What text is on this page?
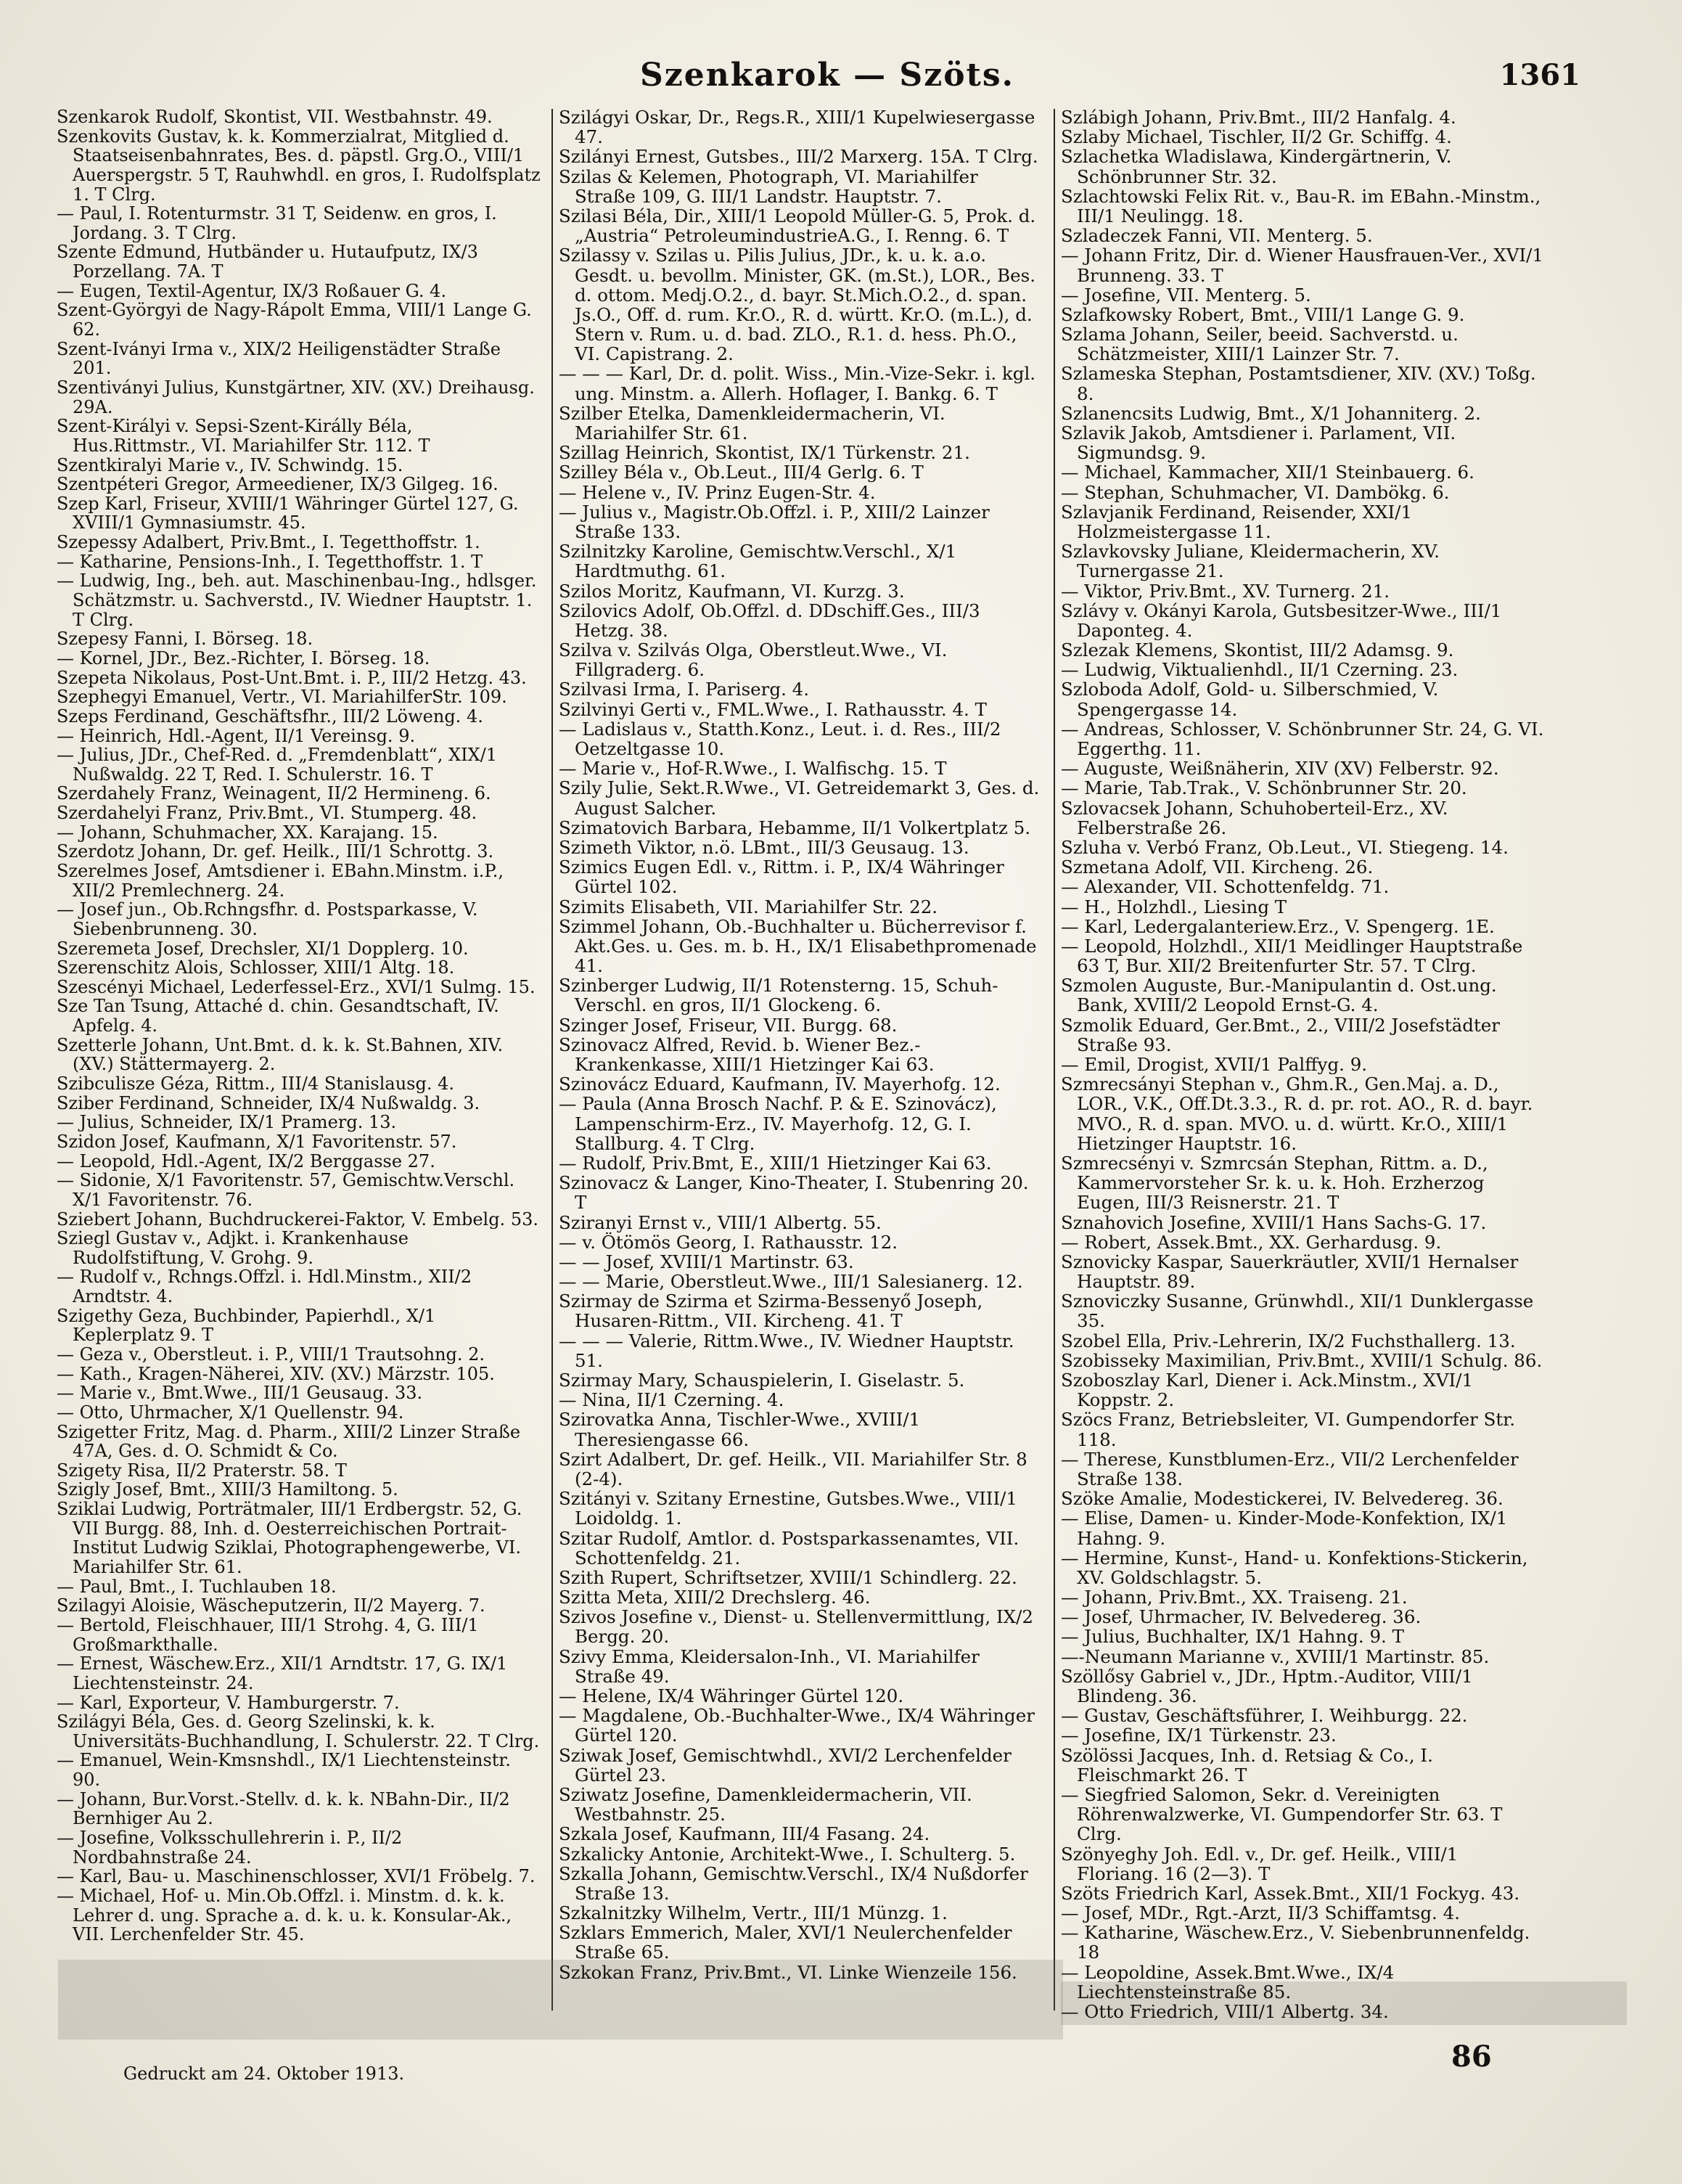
Szenkarok — Szöts.	1361

Szenkarok Rudolf, Skontist, VII. Westbahnstr. 49.

Szenkovits Gustav, k. k. Kommerzialrat, Mitglied d. Staatseisenbahnrates, Bes. d. päpstl. Grg.O., VIII/1 Auerspergstr. 5 T, Rauhwhdl. en gros, I. Rudolfsplatz 1. T Clrg.

— Paul, I. Rotenturmstr. 31 T, Seidenw. en gros, I. Jordang. 3. T Clrg.

Szente Edmund, Hutbänder u. Hutaufputz, IX/3 Porzellang. 7A. T

— Eugen, Textil-Agentur, IX/3 Roßauer G. 4.

Szent-Györgyi de Nagy-Rápolt Emma, VIII/1 Lange G. 62.

Szent-Iványi Irma v., XIX/2 Heiligenstädter Straße 201.

Szentiványi Julius, Kunstgärtner, XIV. (XV.) Dreihausg. 29A.

Szent-Királyi v. Sepsi-Szent-Királly Béla, Hus.Rittmstr., VI. Mariahilfer Str. 112. T

Szentkiralyi Marie v., IV. Schwindg. 15.

Szentpéteri Gregor, Armeediener, IX/3 Gilgeg. 16.

Szep Karl, Friseur, XVIII/1 Währinger Gürtel 127, G. XVIII/1 Gymnasiumstr. 45.

Szepessy Adalbert, Priv.Bmt., I. Tegetthoffstr. 1.

— Katharine, Pensions-Inh., I. Tegetthoffstr. 1. T

— Ludwig, Ing., beh. aut. Maschinenbau-Ing., hdlsger. Schätzmstr. u. Sachverstd., IV. Wiedner Hauptstr. 1. T Clrg.

Szepesy Fanni, I. Börseg. 18.

— Kornel, JDr., Bez.-Richter, I. Börseg. 18.

Szepeta Nikolaus, Post-Unt.Bmt. i. P., III/2 Hetzg. 43.

Szephegyi Emanuel, Vertr., VI. MariahilferStr. 109.

Szeps Ferdinand, Geschäftsfhr., III/2 Löweng. 4.

— Heinrich, Hdl.-Agent, II/1 Vereinsg. 9.

— Julius, JDr., Chef-Red. d. „Fremdenblatt“, XIX/1 Nußwaldg. 22 T, Red. I. Schulerstr. 16. T

Szerdahely Franz, Weinagent, II/2 Hermineng. 6.

Szerdahelyi Franz, Priv.Bmt., VI. Stumperg. 48.

— Johann, Schuhmacher, XX. Karajang. 15.

Szerdotz Johann, Dr. gef. Heilk., III/1 Schrottg. 3.

Szerelmes Josef, Amtsdiener i. EBahn.Minstm. i.P., XII/2 Premlechnerg. 24.

— Josef jun., Ob.Rchngsfhr. d. Postsparkasse, V. Siebenbrunneng. 30.

Szeremeta Josef, Drechsler, XI/1 Dopplerg. 10.

Szerenschitz Alois, Schlosser, XIII/1 Altg. 18.

Szescényi Michael, Lederfessel-Erz., XVI/1 Sulmg. 15.

Sze Tan Tsung, Attaché d. chin. Gesandtschaft, IV. Apfelg. 4.

Szetterle Johann, Unt.Bmt. d. k. k. St.Bahnen, XIV. (XV.) Stättermayerg. 2.

Szibculisze Géza, Rittm., III/4 Stanislausg. 4.

Sziber Ferdinand, Schneider, IX/4 Nußwaldg. 3.

— Julius, Schneider, IX/1 Pramerg. 13.

Szidon Josef, Kaufmann, X/1 Favoritenstr. 57.

— Leopold, Hdl.-Agent, IX/2 Berggasse 27.

— Sidonie, X/1 Favoritenstr. 57, Gemischtw.Verschl. X/1 Favoritenstr. 76.

Sziebert Johann, Buchdruckerei-Faktor, V. Embelg. 53.

Sziegl Gustav v., Adjkt. i. Krankenhause Rudolfstiftung, V. Grohg. 9.

— Rudolf v., Rchngs.Offzl. i. Hdl.Minstm., XII/2 Arndtstr. 4.

Szigethy Geza, Buchbinder, Papierhdl., X/1 Keplerplatz 9. T

— Geza v., Oberstleut. i. P., VIII/1 Trautsohng. 2.

— Kath., Kragen-Näherei, XIV. (XV.) Märzstr. 105.

— Marie v., Bmt.Wwe., III/1 Geusaug. 33.

— Otto, Uhrmacher, X/1 Quellenstr. 94.

Szigetter Fritz, Mag. d. Pharm., XIII/2 Linzer Straße 47A, Ges. d. O. Schmidt & Co.

Szigety Risa, II/2 Praterstr. 58. T

Szigly Josef, Bmt., XIII/3 Hamiltong. 5.

Sziklai Ludwig, Porträtmaler, III/1 Erdbergstr. 52, G. VII Burgg. 88, Inh. d. Oesterreichischen Portrait-Institut Ludwig Sziklai, Photographengewerbe, VI. Mariahilfer Str. 61.

— Paul, Bmt., I. Tuchlauben 18.

Szilagyi Aloisie, Wäscheputzerin, II/2 Mayerg. 7.

— Bertold, Fleischhauer, III/1 Strohg. 4, G. III/1 Großmarkthalle.

— Ernest, Wäschew.Erz., XII/1 Arndtstr. 17, G. IX/1 Liechtensteinstr. 24.

— Karl, Exporteur, V. Hamburgerstr. 7.

Szilágyi Béla, Ges. d. Georg Szelinski, k. k. Universitäts-Buchhandlung, I. Schulerstr. 22. T Clrg.

— Emanuel, Wein-Kmsnshdl., IX/1 Liechtensteinstr. 90.

— Johann, Bur.Vorst.-Stellv. d. k. k. NBahn-Dir., II/2 Bernhiger Au 2.

— Josefine, Volksschullehrerin i. P., II/2 Nordbahnstraße 24.

— Karl, Bau- u. Maschinenschlosser, XVI/1 Fröbelg. 7.

— Michael, Hof- u. Min.Ob.Offzl. i. Minstm. d. k. k. Lehrer d. ung. Sprache a. d. k. u. k. Konsular-Ak., VII. Lerchenfelder Str. 45.

Szilágyi Oskar, Dr., Regs.R., XIII/1 Kupelwiesergasse 47.

Szilányi Ernest, Gutsbes., III/2 Marxerg. 15A. T Clrg.

Szilas & Kelemen, Photograph, VI. Mariahilfer Straße 109, G. III/1 Landstr. Hauptstr. 7.

Szilasi Béla, Dir., XIII/1 Leopold Müller-G. 5, Prok. d. „Austria“ PetroleumindustrieA.G., I. Renng. 6. T

Szilassy v. Szilas u. Pilis Julius, JDr., k. u. k. a.o. Gesdt. u. bevollm. Minister, GK. (m.St.), LOR., Bes. d. ottom. Medj.O.2., d. bayr. St.Mich.O.2., d. span. Js.O., Off. d. rum. Kr.O., R. d. württ. Kr.O. (m.L.), d. Stern v. Rum. u. d. bad. ZLO., R.1. d. hess. Ph.O., VI. Capistrang. 2.

— — — Karl, Dr. d. polit. Wiss., Min.-Vize-Sekr. i. kgl. ung. Minstm. a. Allerh. Hoflager, I. Bankg. 6. T

Szilber Etelka, Damenkleidermacherin, VI. Mariahilfer Str. 61.

Szillag Heinrich, Skontist, IX/1 Türkenstr. 21.

Szilley Béla v., Ob.Leut., III/4 Gerlg. 6. T

— Helene v., IV. Prinz Eugen-Str. 4.

— Julius v., Magistr.Ob.Offzl. i. P., XIII/2 Lainzer Straße 133.

Szilnitzky Karoline, Gemischtw.Verschl., X/1 Hardtmuthg. 61.

Szilos Moritz, Kaufmann, VI. Kurzg. 3.

Szilovics Adolf, Ob.Offzl. d. DDschiff.Ges., III/3 Hetzg. 38.

Szilva v. Szilvás Olga, Oberstleut.Wwe., VI. Fillgraderg. 6.

Szilvasi Irma, I. Pariserg. 4.

Szilvinyi Gerti v., FML.Wwe., I. Rathausstr. 4. T

— Ladislaus v., Statth.Konz., Leut. i. d. Res., III/2 Oetzeltgasse 10.

— Marie v., Hof-R.Wwe., I. Walfischg. 15. T

Szily Julie, Sekt.R.Wwe., VI. Getreidemarkt 3, Ges. d. August Salcher.

Szimatovich Barbara, Hebamme, II/1 Volkertplatz 5.

Szimeth Viktor, n.ö. LBmt., III/3 Geusaug. 13.

Szimics Eugen Edl. v., Rittm. i. P., IX/4 Währinger Gürtel 102.

Szimits Elisabeth, VII. Mariahilfer Str. 22.

Szimmel Johann, Ob.-Buchhalter u. Bücherrevisor f. Akt.Ges. u. Ges. m. b. H., IX/1 Elisabethpromenade 41.

Szinberger Ludwig, II/1 Rotensterng. 15, Schuh-Verschl. en gros, II/1 Glockeng. 6.

Szinger Josef, Friseur, VII. Burgg. 68.

Szinovacz Alfred, Revid. b. Wiener Bez.-Krankenkasse, XIII/1 Hietzinger Kai 63.

Szinovácz Eduard, Kaufmann, IV. Mayerhofg. 12.

— Paula (Anna Brosch Nachf. P. & E. Szinovácz), Lampenschirm-Erz., IV. Mayerhofg. 12, G. I. Stallburg. 4. T Clrg.

— Rudolf, Priv.Bmt, E., XIII/1 Hietzinger Kai 63.

Szinovacz & Langer, Kino-Theater, I. Stubenring 20. T

Sziranyi Ernst v., VIII/1 Albertg. 55.

— v. Ötömös Georg, I. Rathausstr. 12.

— — Josef, XVIII/1 Martinstr. 63.

— — Marie, Oberstleut.Wwe., III/1 Salesianerg. 12.

Szirmay de Szirma et Szirma-Bessenyő Joseph, Husaren-Rittm., VII. Kircheng. 41. T

— — — Valerie, Rittm.Wwe., IV. Wiedner Hauptstr. 51.

Szirmay Mary, Schauspielerin, I. Giselastr. 5.

— Nina, II/1 Czerning. 4.

Szirovatka Anna, Tischler-Wwe., XVIII/1 Theresiengasse 66.

Szirt Adalbert, Dr. gef. Heilk., VII. Mariahilfer Str. 8 (2-4).

Szitányi v. Szitany Ernestine, Gutsbes.Wwe., VIII/1 Loidoldg. 1.

Szitar Rudolf, Amtlor. d. Postsparkassenamtes, VII. Schottenfeldg. 21.

Szith Rupert, Schriftsetzer, XVIII/1 Schindlerg. 22.

Szitta Meta, XIII/2 Drechslerg. 46.

Szivos Josefine v., Dienst- u. Stellenvermittlung, IX/2 Bergg. 20.

Szivy Emma, Kleidersalon-Inh., VI. Mariahilfer Straße 49.

— Helene, IX/4 Währinger Gürtel 120.

— Magdalene, Ob.-Buchhalter-Wwe., IX/4 Währinger Gürtel 120.

Sziwak Josef, Gemischtwhdl., XVI/2 Lerchenfelder Gürtel 23.

Sziwatz Josefine, Damenkleidermacherin, VII. Westbahnstr. 25.

Szkala Josef, Kaufmann, III/4 Fasang. 24.

Szkalicky Antonie, Architekt-Wwe., I. Schulterg. 5.

Szkalla Johann, Gemischtw.Verschl., IX/4 Nußdorfer Straße 13.

Szkalnitzky Wilhelm, Vertr., III/1 Münzg. 1.

Szklars Emmerich, Maler, XVI/1 Neulerchenfelder Straße 65.

Szkokan Franz, Priv.Bmt., VI. Linke Wienzeile 156.

Szlábigh Johann, Priv.Bmt., III/2 Hanfalg. 4.

Szlaby Michael, Tischler, II/2 Gr. Schiffg. 4.

Szlachetka Wladislawa, Kindergärtnerin, V. Schönbrunner Str. 32.

Szlachtowski Felix Rit. v., Bau-R. im EBahn.-Minstm., III/1 Neulingg. 18.

Szladeczek Fanni, VII. Menterg. 5.

— Johann Fritz, Dir. d. Wiener Hausfrauen-Ver., XVI/1 Brunneng. 33. T

— Josefine, VII. Menterg. 5.

Szlafkowsky Robert, Bmt., VIII/1 Lange G. 9.

Szlama Johann, Seiler, beeid. Sachverstd. u. Schätzmeister, XIII/1 Lainzer Str. 7.

Szlameska Stephan, Postamtsdiener, XIV. (XV.) Toßg. 8.

Szlanencsits Ludwig, Bmt., X/1 Johanniterg. 2.

Szlavik Jakob, Amtsdiener i. Parlament, VII. Sigmundsg. 9.

— Michael, Kammacher, XII/1 Steinbauerg. 6.

— Stephan, Schuhmacher, VI. Dambökg. 6.

Szlavjanik Ferdinand, Reisender, XXI/1 Holzmeistergasse 11.

Szlavkovsky Juliane, Kleidermacherin, XV. Turnergasse 21.

— Viktor, Priv.Bmt., XV. Turnerg. 21.

Szlávy v. Okányi Karola, Gutsbesitzer-Wwe., III/1 Daponteg. 4.

Szlezak Klemens, Skontist, III/2 Adamsg. 9.

— Ludwig, Viktualienhdl., II/1 Czerning. 23.

Szloboda Adolf, Gold- u. Silberschmied, V. Spengergasse 14.

— Andreas, Schlosser, V. Schönbrunner Str. 24, G. VI. Eggerthg. 11.

— Auguste, Weißnäherin, XIV (XV) Felberstr. 92.

— Marie, Tab.Trak., V. Schönbrunner Str. 20.

Szlovacsek Johann, Schuhoberteil-Erz., XV. Felberstraße 26.

Szluha v. Verbó Franz, Ob.Leut., VI. Stiegeng. 14.

Szmetana Adolf, VII. Kircheng. 26.

— Alexander, VII. Schottenfeldg. 71.

— H., Holzhdl., Liesing T

— Karl, Ledergalanteriew.Erz., V. Spengerg. 1E.

— Leopold, Holzhdl., XII/1 Meidlinger Hauptstraße 63 T, Bur. XII/2 Breitenfurter Str. 57. T Clrg.

Szmolen Auguste, Bur.-Manipulantin d. Ost.ung. Bank, XVIII/2 Leopold Ernst-G. 4.

Szmolik Eduard, Ger.Bmt., 2., VIII/2 Josefstädter Straße 93.

— Emil, Drogist, XVII/1 Palffyg. 9.

Szmrecsányi Stephan v., Ghm.R., Gen.Maj. a. D., LOR., V.K., Off.Dt.3.3., R. d. pr. rot. AO., R. d. bayr. MVO., R. d. span. MVO. u. d. württ. Kr.O., XIII/1 Hietzinger Hauptstr. 16.

Szmrecsényi v. Szmrcsán Stephan, Rittm. a. D., Kammervorsteher Sr. k. u. k. Hoh. Erzherzog Eugen, III/3 Reisnerstr. 21. T

Sznahovich Josefine, XVIII/1 Hans Sachs-G. 17.

— Robert, Assek.Bmt., XX. Gerhardusg. 9.

Sznovicky Kaspar, Sauerkräutler, XVII/1 Hernalser Hauptstr. 89.

Sznoviczky Susanne, Grünwhdl., XII/1 Dunklergasse 35.

Szobel Ella, Priv.-Lehrerin, IX/2 Fuchsthallerg. 13.

Szobisseky Maximilian, Priv.Bmt., XVIII/1 Schulg. 86.

Szoboszlay Karl, Diener i. Ack.Minstm., XVI/1 Koppstr. 2.

Szöcs Franz, Betriebsleiter, VI. Gumpendorfer Str. 118.

— Therese, Kunstblumen-Erz., VII/2 Lerchenfelder Straße 138.

Szöke Amalie, Modestickerei, IV. Belvedereg. 36.

— Elise, Damen- u. Kinder-Mode-Konfektion, IX/1 Hahng. 9.

— Hermine, Kunst-, Hand- u. Konfektions-Stickerin, XV. Goldschlagstr. 5.

— Johann, Priv.Bmt., XX. Traiseng. 21.

— Josef, Uhrmacher, IV. Belvedereg. 36.

— Julius, Buchhalter, IX/1 Hahng. 9. T

—-Neumann Marianne v., XVIII/1 Martinstr. 85.

Szöllősy Gabriel v., JDr., Hptm.-Auditor, VIII/1 Blindeng. 36.

— Gustav, Geschäftsführer, I. Weihburgg. 22.

— Josefine, IX/1 Türkenstr. 23.

Szölössi Jacques, Inh. d. Retsiag & Co., I. Fleischmarkt 26. T

— Siegfried Salomon, Sekr. d. Vereinigten Röhrenwalzwerke, VI. Gumpendorfer Str. 63. T Clrg.

Szönyeghy Joh. Edl. v., Dr. gef. Heilk., VIII/1 Floriang. 16 (2—3). T

Szöts Friedrich Karl, Assek.Bmt., XII/1 Fockyg. 43.

— Josef, MDr., Rgt.-Arzt, II/3 Schiffamtsg. 4.

— Katharine, Wäschew.Erz., V. Siebenbrunnenfeldg. 18

— Leopoldine, Assek.Bmt.Wwe., IX/4 Liechtensteinstraße 85.

— Otto Friedrich, VIII/1 Albertg. 34.

Gedruckt am 24. Oktober 1913.	86
